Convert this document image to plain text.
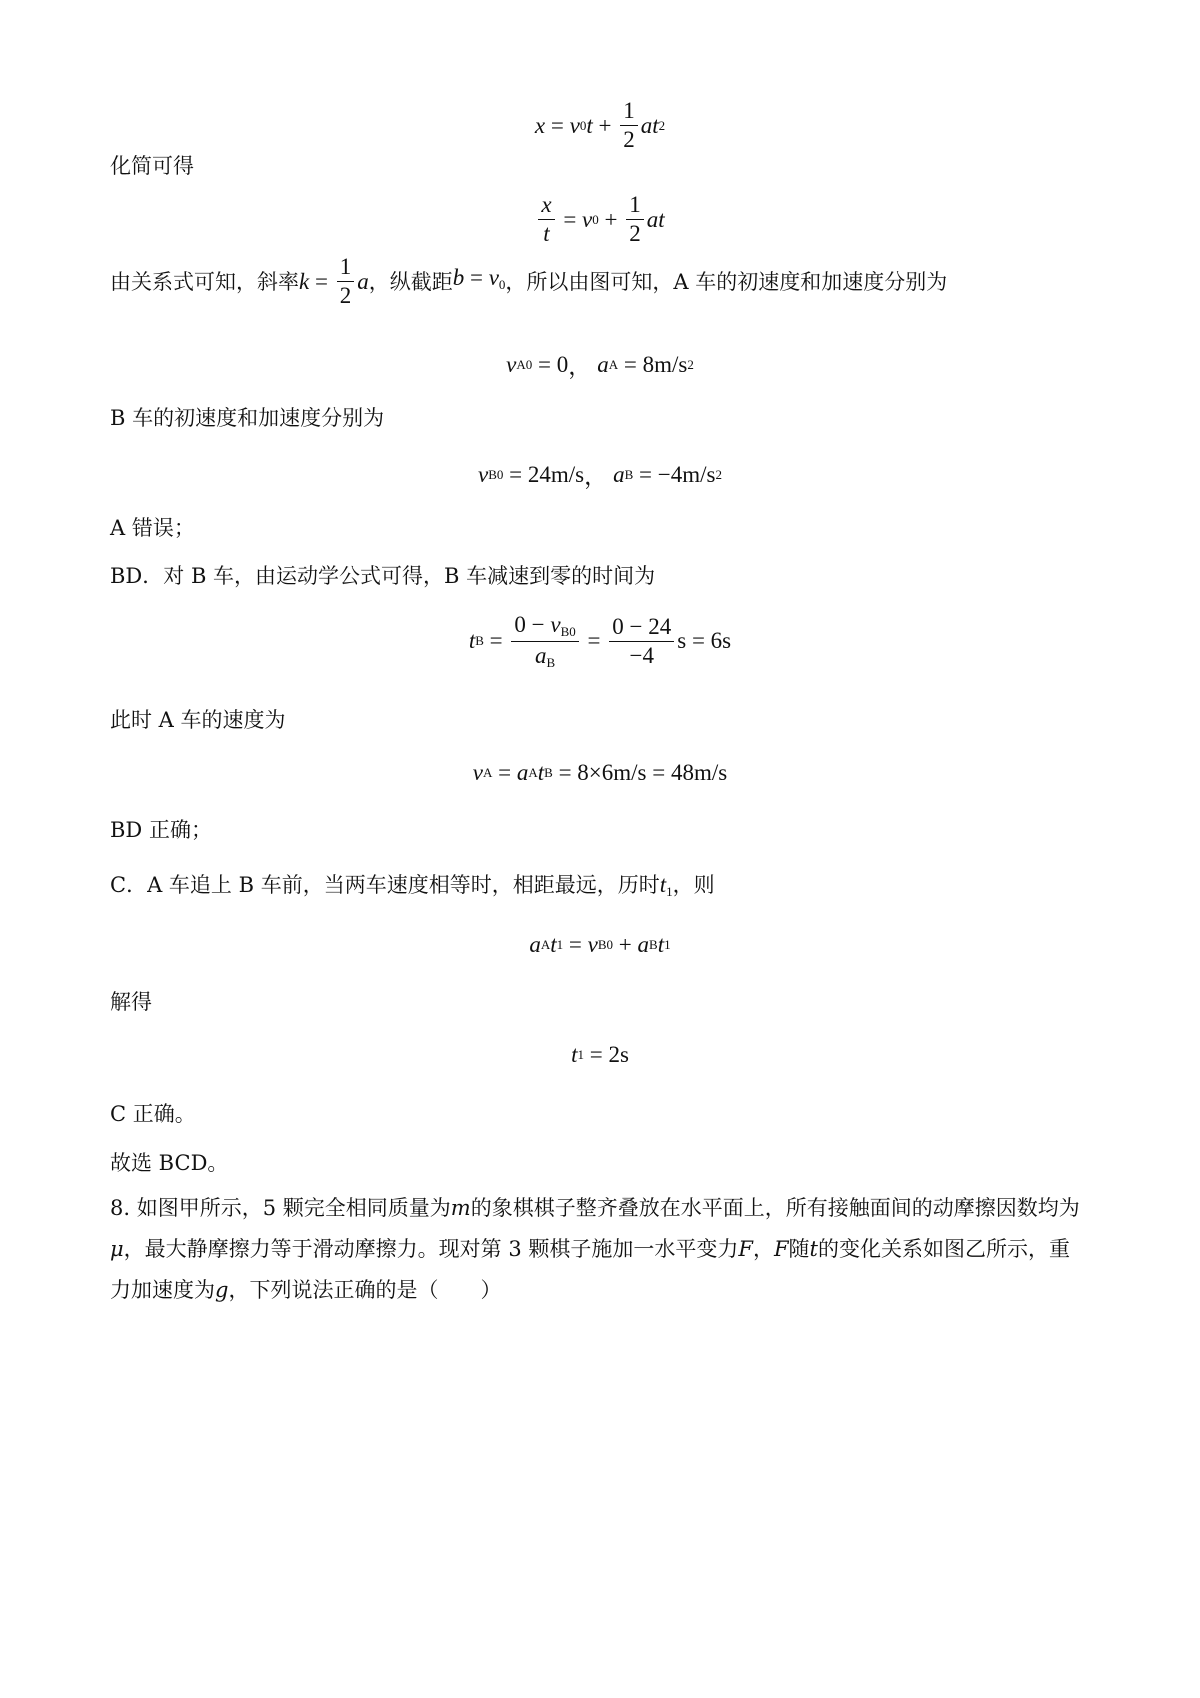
x = v 0 $t + \frac{1}{2}$ at 2
化简可得
$\frac{x}{t} = v$ $0 + \frac{1}{2}$ at
由关系式可知，斜率 $k = \frac{1}{2}$ a ，纵截距 $b = v_0$ ，所以由图可知，A 车的初速度和加速度分别为
v A0 = 0 ， a A = 8m/s 2
B 车的初速度和加速度分别为
v B0 = 24m/s ， a B = −4m/s 2
A 错误；
BD．对 B 车，由运动学公式可得，B 车减速到零的时间为
t $B = \frac{0 - v_{B0}}{a_B} = \frac{0 - 24}{-4}$ s = 6s
此时 A 车的速度为
v A = a A t B
= 8×6m/s = 48m/s
BD 正确；
C．A 车追上 B 车前，当两车速度相等时，相距最远，历时$t_1$，则
a A t 1 = v B0 + a B t 1
解得
t 1
= 2s
C 正确。
故选 BCD。
8. 如图甲所示，5 颗完全相同质量为m的象棋棋子整齐叠放在水平面上，所有接触面间的动摩擦因数均为μ，最大静摩擦力等于滑动摩擦力。现对第 3 颗棋子施加一水平变力F，F随t的变化关系如图乙所示，重力加速度为g，下列说法正确的是（　　）
